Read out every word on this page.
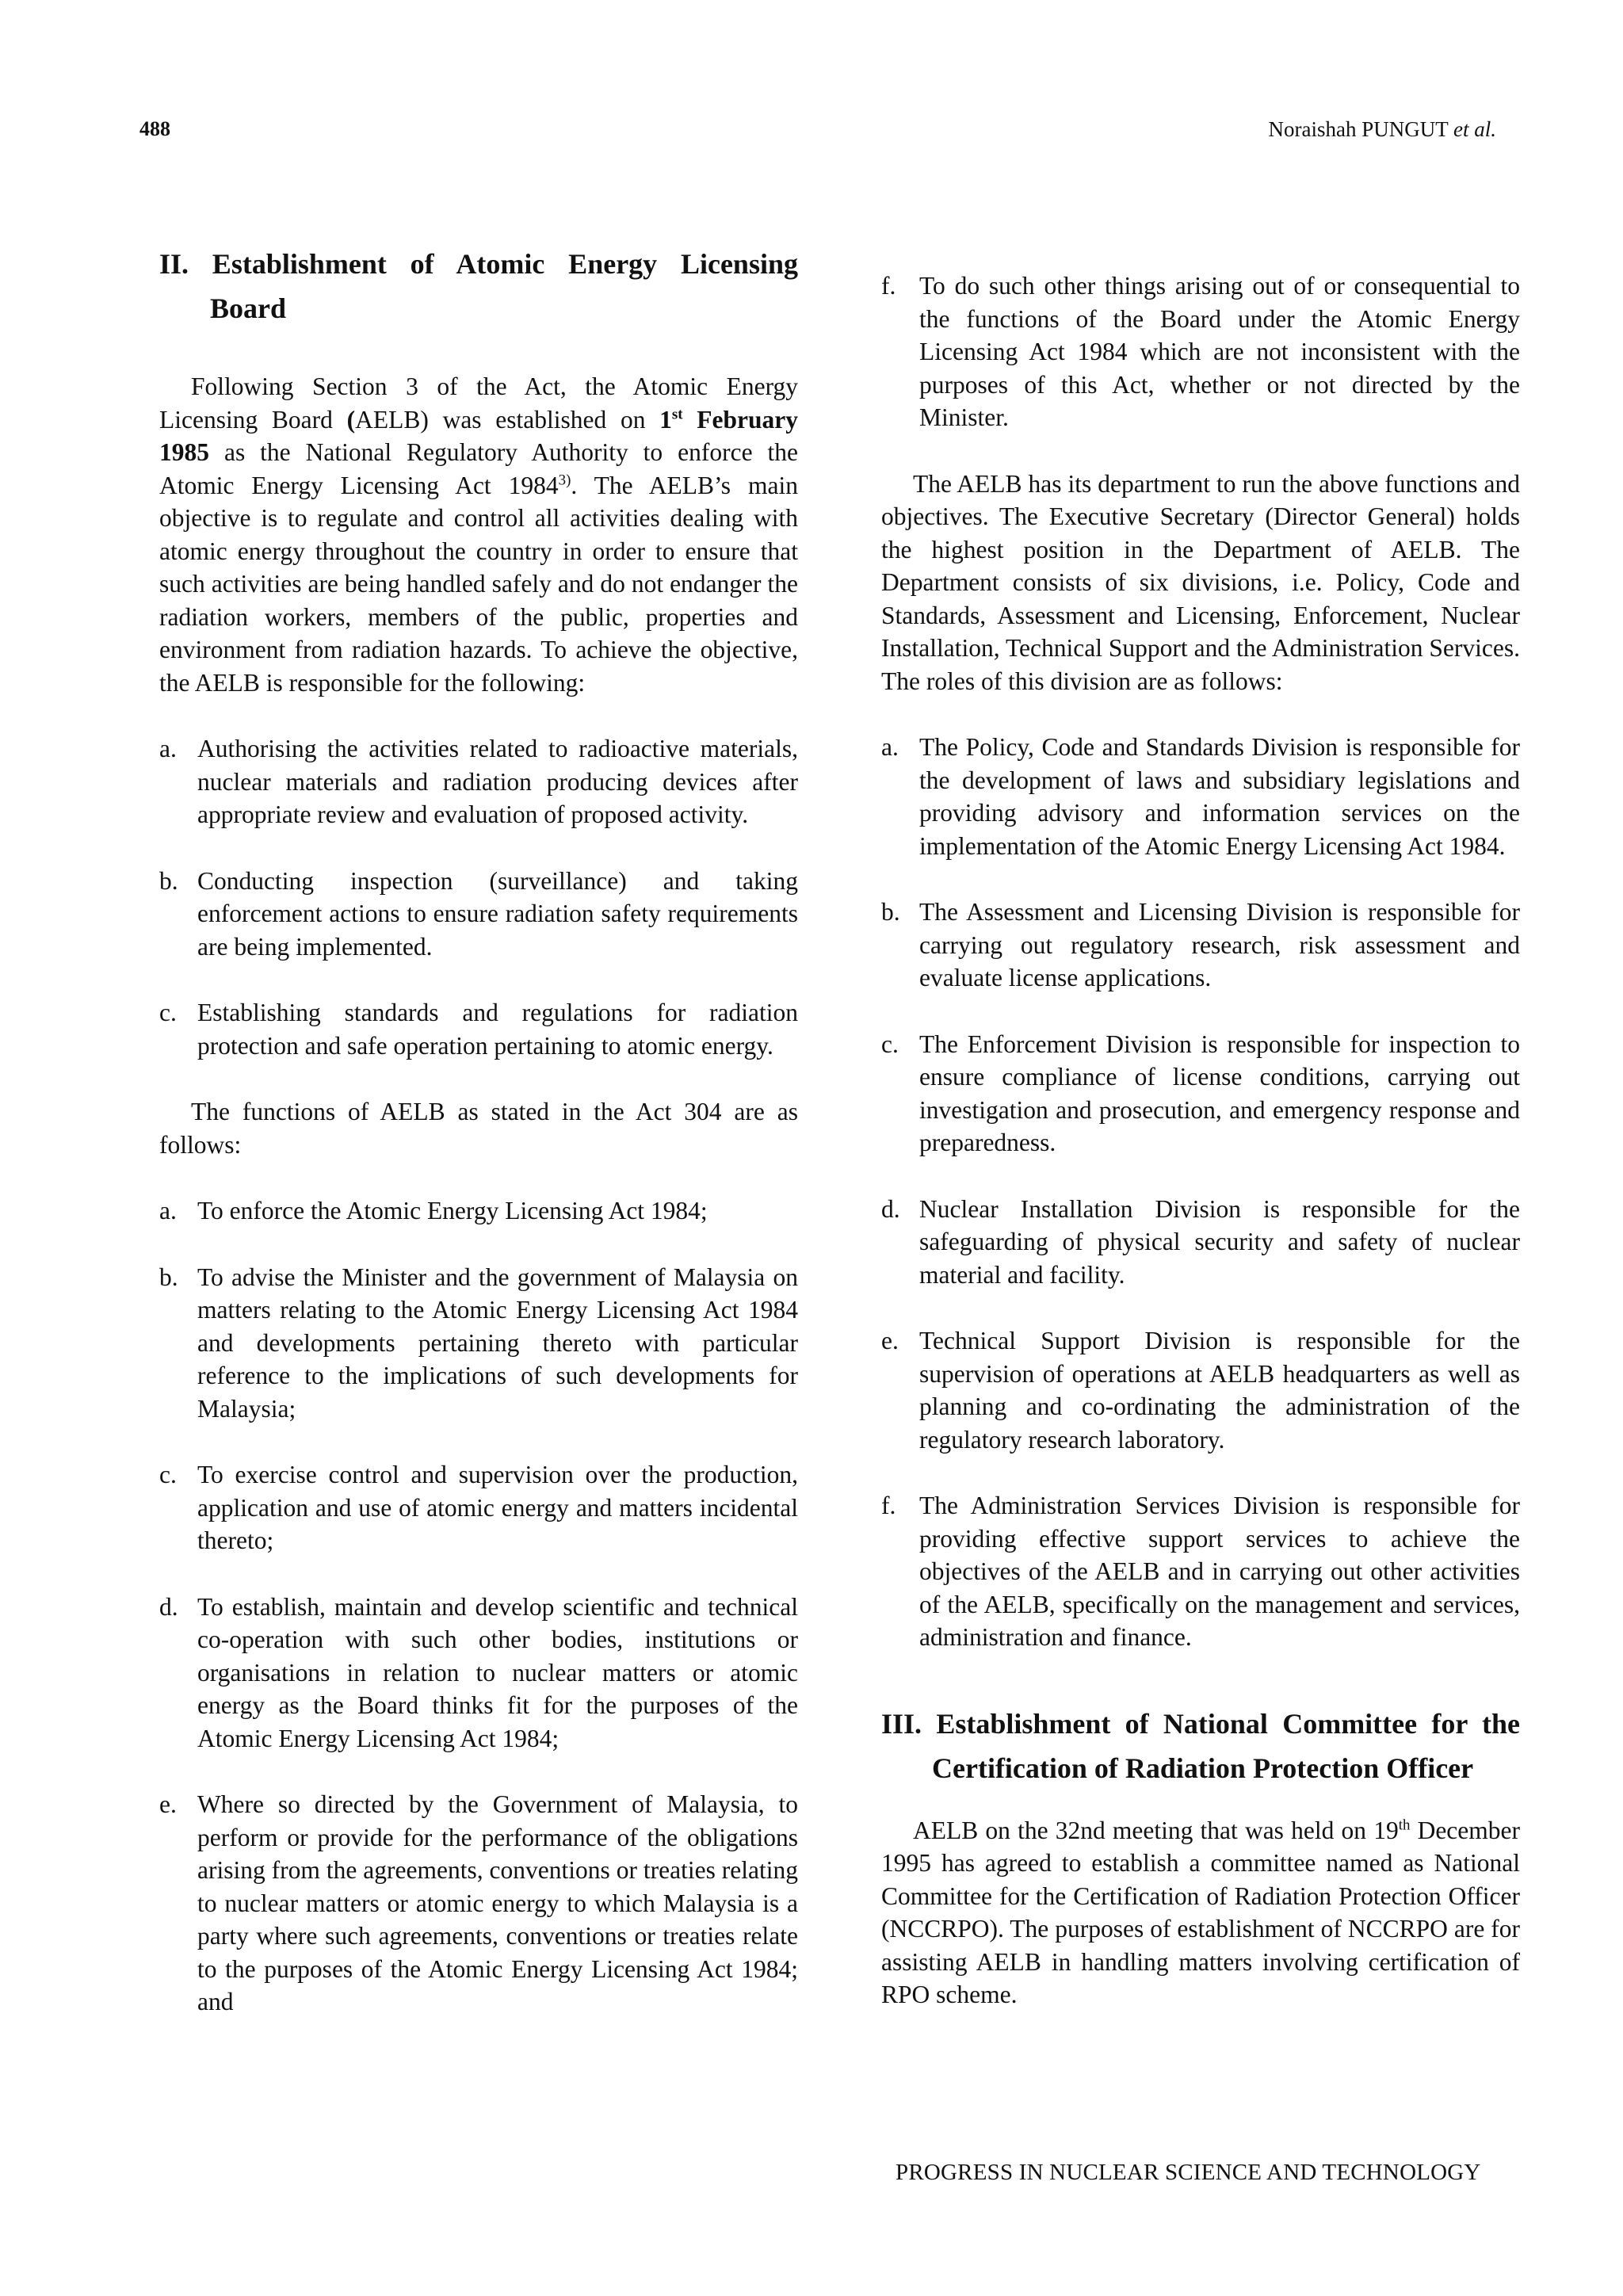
488	Noraishah PUNGUT et al.
II. Establishment of Atomic Energy Licensing Board

Following Section 3 of the Act, the Atomic Energy Licensing Board (AELB) was established on 1st February 1985 as the National Regulatory Authority to enforce the Atomic Energy Licensing Act 1984$^{3)}$. The AELB’s main objective is to regulate and control all activities dealing with atomic energy throughout the country in order to ensure that such activities are being handled safely and do not endanger the radiation workers, members of the public, properties and environment from radiation hazards. To achieve the objective, the AELB is responsible for the following:

a. Authorising the activities related to radioactive materials, nuclear materials and radiation producing devices after appropriate review and evaluation of proposed activity.
b. Conducting inspection (surveillance) and taking enforcement actions to ensure radiation safety requirements are being implemented.
c. Establishing standards and regulations for radiation protection and safe operation pertaining to atomic energy.

The functions of AELB as stated in the Act 304 are as follows:

a. To enforce the Atomic Energy Licensing Act 1984;
b. To advise the Minister and the government of Malaysia on matters relating to the Atomic Energy Licensing Act 1984 and developments pertaining thereto with particular reference to the implications of such developments for Malaysia;
c. To exercise control and supervision over the production, application and use of atomic energy and matters incidental thereto;
d. To establish, maintain and develop scientific and technical co-operation with such other bodies, institutions or organisations in relation to nuclear matters or atomic energy as the Board thinks fit for the purposes of the Atomic Energy Licensing Act 1984;
e. Where so directed by the Government of Malaysia, to perform or provide for the performance of the obligations arising from the agreements, conventions or treaties relating to nuclear matters or atomic energy to which Malaysia is a party where such agreements, conventions or treaties relate to the purposes of the Atomic Energy Licensing Act 1984; and
f. To do such other things arising out of or consequential to the functions of the Board under the Atomic Energy Licensing Act 1984 which are not inconsistent with the purposes of this Act, whether or not directed by the Minister.

The AELB has its department to run the above functions and objectives. The Executive Secretary (Director General) holds the highest position in the Department of AELB. The Department consists of six divisions, i.e. Policy, Code and Standards, Assessment and Licensing, Enforcement, Nuclear Installation, Technical Support and the Administration Services. The roles of this division are as follows:

a. The Policy, Code and Standards Division is responsible for the development of laws and subsidiary legislations and providing advisory and information services on the implementation of the Atomic Energy Licensing Act 1984.
b. The Assessment and Licensing Division is responsible for carrying out regulatory research, risk assessment and evaluate license applications.
c. The Enforcement Division is responsible for inspection to ensure compliance of license conditions, carrying out investigation and prosecution, and emergency response and preparedness.
d. Nuclear Installation Division is responsible for the safeguarding of physical security and safety of nuclear material and facility.
e. Technical Support Division is responsible for the supervision of operations at AELB headquarters as well as planning and co-ordinating the administration of the regulatory research laboratory.
f. The Administration Services Division is responsible for providing effective support services to achieve the objectives of the AELB and in carrying out other activities of the AELB, specifically on the management and services, administration and finance.
III. Establishment of National Committee for the Certification of Radiation Protection Officer

AELB on the 32nd meeting that was held on 19th December 1995 has agreed to establish a committee named as National Committee for the Certification of Radiation Protection Officer (NCCRPO). The purposes of establishment of NCCRPO are for assisting AELB in handling matters involving certification of RPO scheme.

PROGRESS IN NUCLEAR SCIENCE AND TECHNOLOGY
